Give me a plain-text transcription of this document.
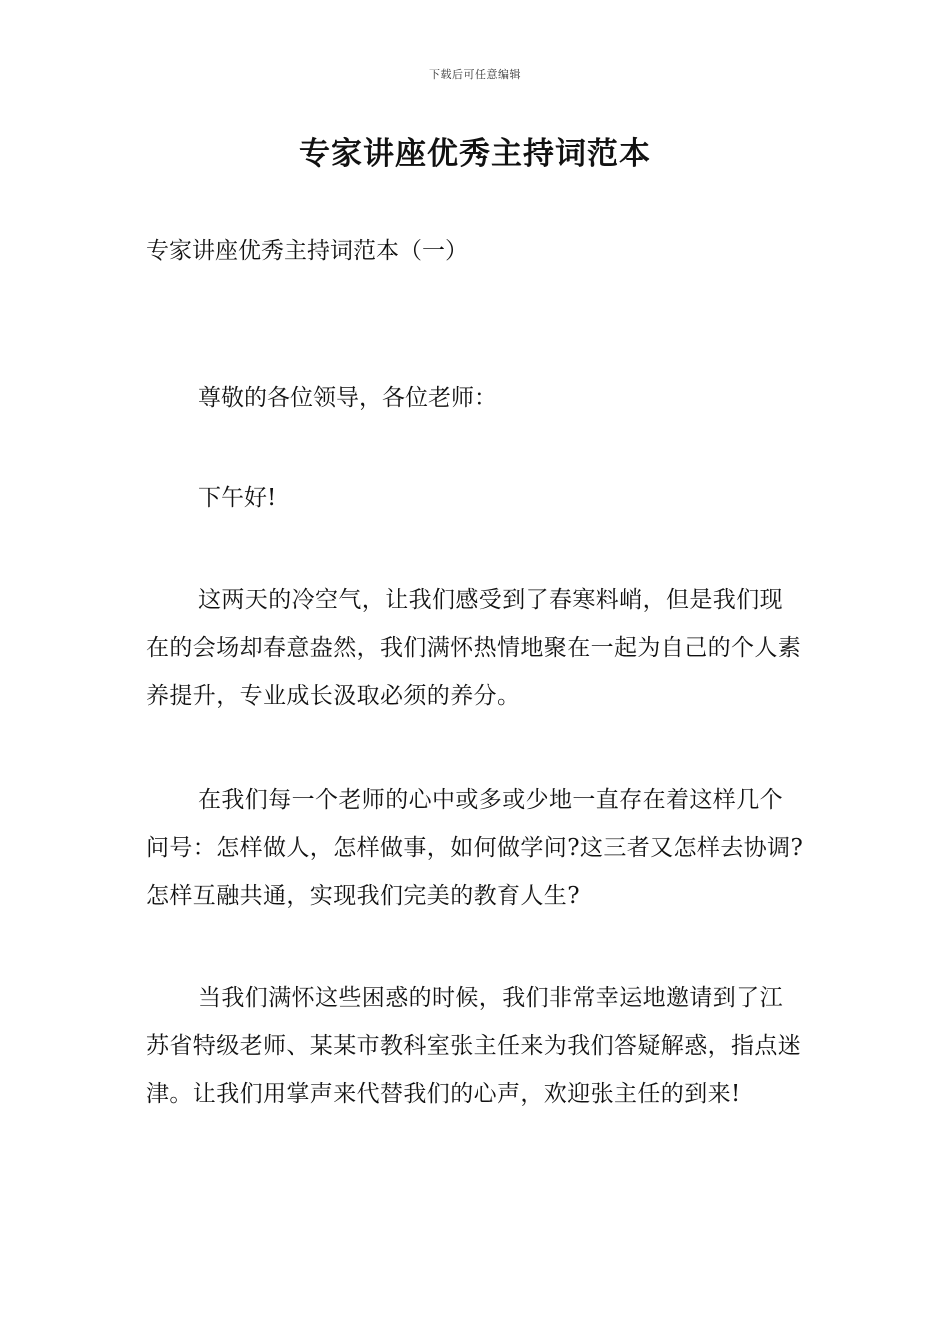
下载后可任意编辑
专家讲座优秀主持词范本
专家讲座优秀主持词范本（一）

尊敬的各位领导，各位老师：

下午好!

这两天的冷空气，让我们感受到了春寒料峭，但是我们现在的会场却春意盎然，我们满怀热情地聚在一起为自己的个人素养提升，专业成长汲取必须的养分。

在我们每一个老师的心中或多或少地一直存在着这样几个问号：怎样做人，怎样做事，如何做学问?这三者又怎样去协调?怎样互融共通，实现我们完美的教育人生?

当我们满怀这些困惑的时候，我们非常幸运地邀请到了江苏省特级老师、某某市教科室张主任来为我们答疑解惑，指点迷津。让我们用掌声来代替我们的心声，欢迎张主任的到来!
